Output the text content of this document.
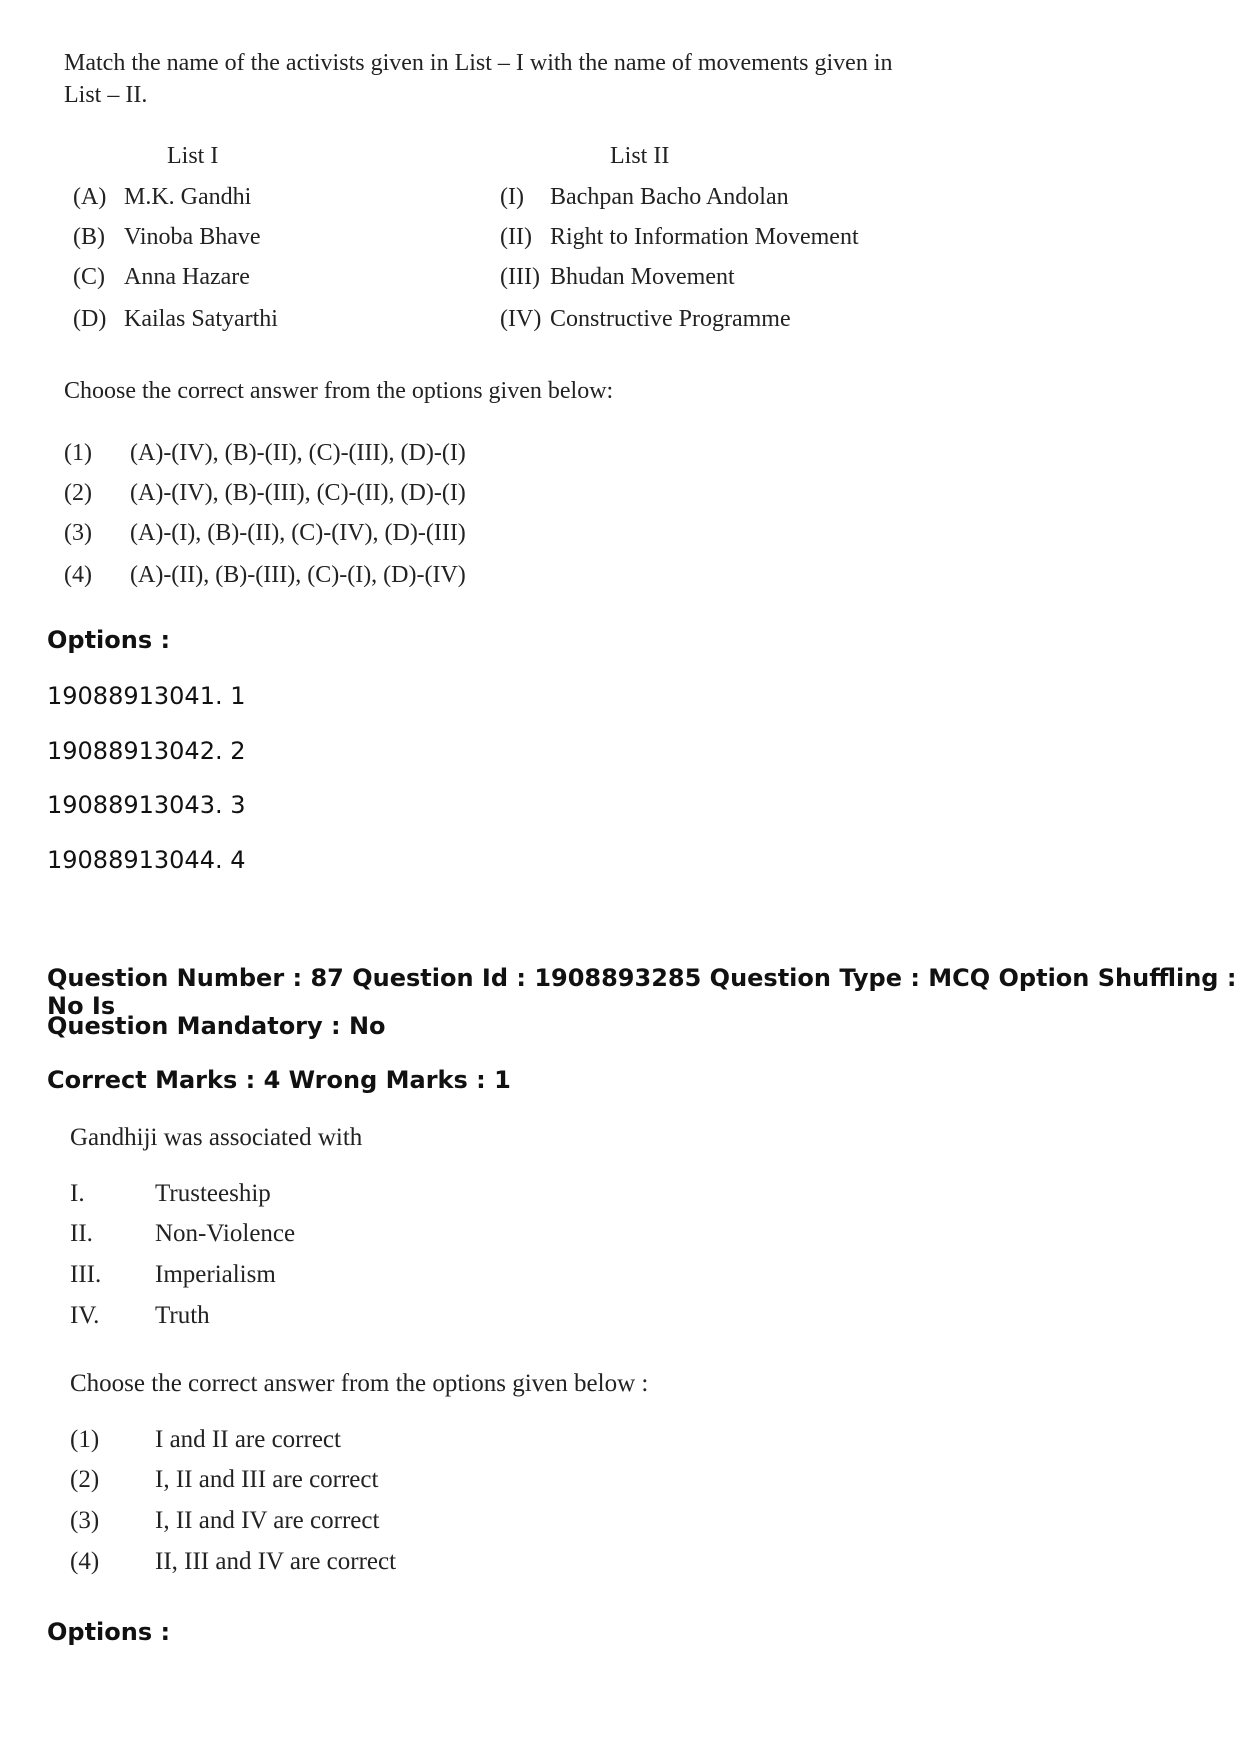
Match the name of the activists given in List – I with the name of movements given in
List – II.
List I	List II
(A) M.K. Gandhi
(B) Vinoba Bhave
(C) Anna Hazare
(D) Kailas Satyarthi
(I) Bachpan Bacho Andolan
(II) Right to Information Movement
(III) Bhudan Movement
(IV) Constructive Programme
Choose the correct answer from the options given below:
(1) (A)-(IV), (B)-(II), (C)-(III), (D)-(I)
(2) (A)-(IV), (B)-(III), (C)-(II), (D)-(I)
(3) (A)-(I), (B)-(II), (C)-(IV), (D)-(III)
(4) (A)-(II), (B)-(III), (C)-(I), (D)-(IV)
Options :
19088913041. 1
19088913042. 2
19088913043. 3
19088913044. 4
Question Number : 87 Question Id : 1908893285 Question Type : MCQ Option Shuffling : No Is
Question Mandatory : No
Correct Marks : 4 Wrong Marks : 1
Gandhiji was associated with
I.	Trusteeship
II. Non-Violence
III. Imperialism
IV. Truth
Choose the correct answer from the options given below :
(1) I and II are correct
(2) I, II and III are correct
(3) I, II and IV are correct
(4) II, III and IV are correct
Options :
